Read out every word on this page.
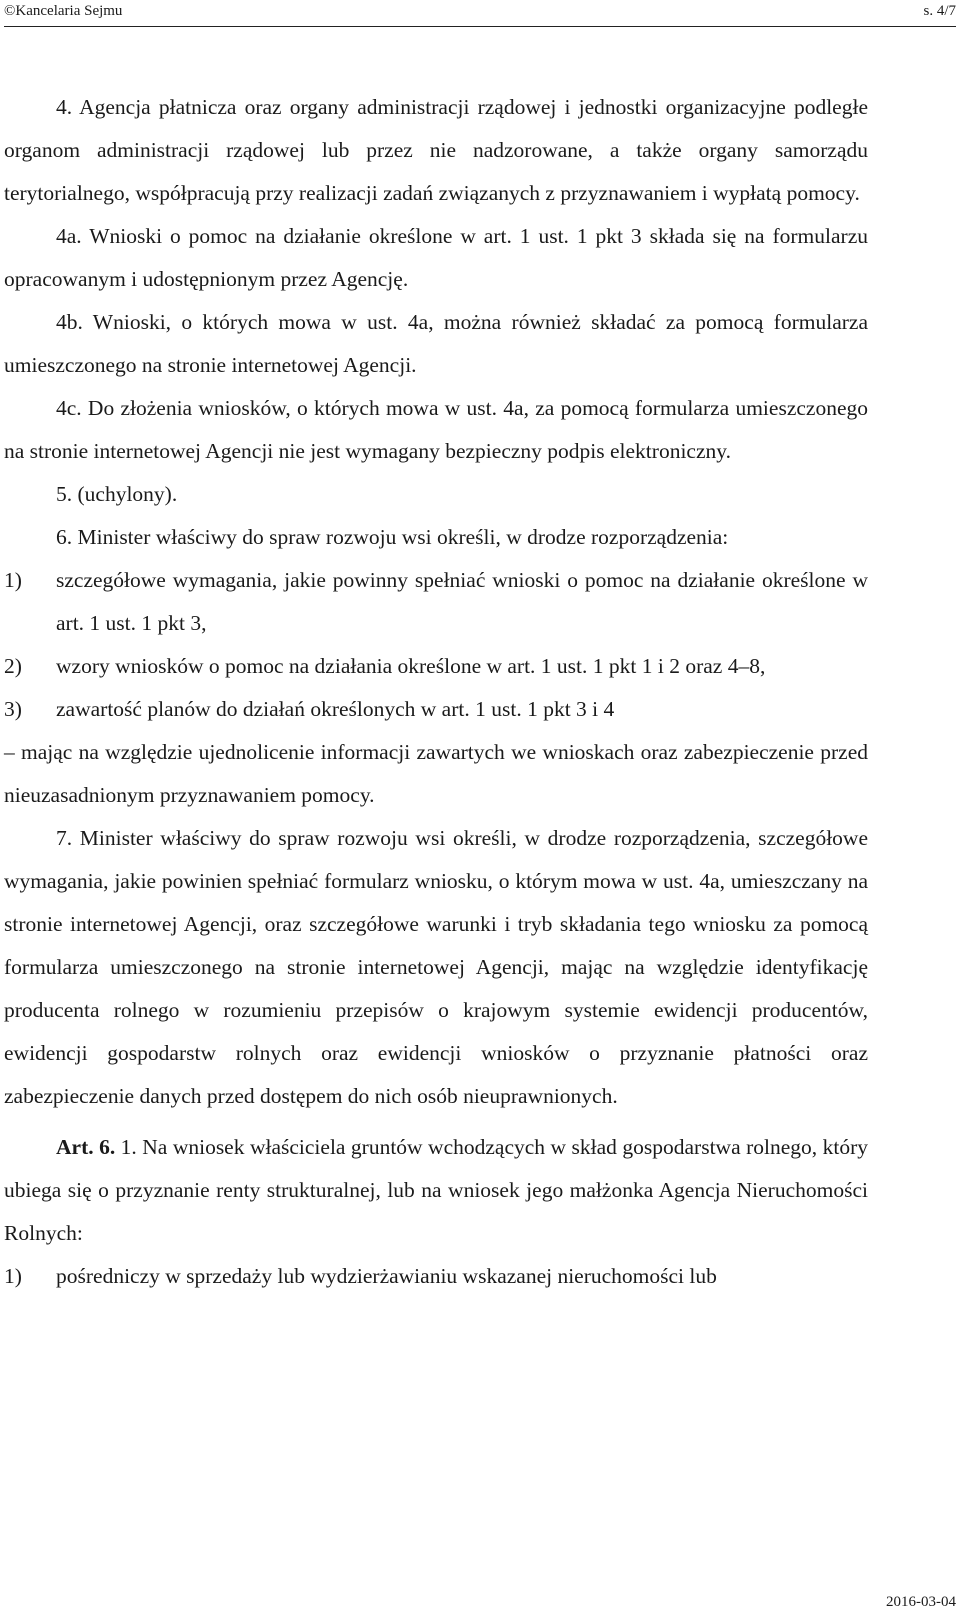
©Kancelaria Sejmu	s. 4/7
4. Agencja płatnicza oraz organy administracji rządowej i jednostki organizacyjne podległe organom administracji rządowej lub przez nie nadzorowane, a także organy samorządu terytorialnego, współpracują przy realizacji zadań związanych z przyznawaniem i wypłatą pomocy.
4a. Wnioski o pomoc na działanie określone w art. 1 ust. 1 pkt 3 składa się na formularzu opracowanym i udostępnionym przez Agencję.
4b. Wnioski, o których mowa w ust. 4a, można również składać za pomocą formularza umieszczonego na stronie internetowej Agencji.
4c. Do złożenia wniosków, o których mowa w ust. 4a, za pomocą formularza umieszczonego na stronie internetowej Agencji nie jest wymagany bezpieczny podpis elektroniczny.
5. (uchylony).
6. Minister właściwy do spraw rozwoju wsi określi, w drodze rozporządzenia:
1)	szczegółowe wymagania, jakie powinny spełniać wnioski o pomoc na działanie określone w art. 1 ust. 1 pkt 3,
2)	wzory wniosków o pomoc na działania określone w art. 1 ust. 1 pkt 1 i 2 oraz 4–8,
3)	zawartość planów do działań określonych w art. 1 ust. 1 pkt 3 i 4
– mając na względzie ujednolicenie informacji zawartych we wnioskach oraz zabezpieczenie przed nieuzasadnionym przyznawaniem pomocy.
7. Minister właściwy do spraw rozwoju wsi określi, w drodze rozporządzenia, szczegółowe wymagania, jakie powinien spełniać formularz wniosku, o którym mowa w ust. 4a, umieszczany na stronie internetowej Agencji, oraz szczegółowe warunki i tryb składania tego wniosku za pomocą formularza umieszczonego na stronie internetowej Agencji, mając na względzie identyfikację producenta rolnego w rozumieniu przepisów o krajowym systemie ewidencji producentów, ewidencji gospodarstw rolnych oraz ewidencji wniosków o przyznanie płatności oraz zabezpieczenie danych przed dostępem do nich osób nieuprawnionych.
Art. 6. 1. Na wniosek właściciela gruntów wchodzących w skład gospodarstwa rolnego, który ubiega się o przyznanie renty strukturalnej, lub na wniosek jego małżonka Agencja Nieruchomości Rolnych:
1)	pośredniczy w sprzedaży lub wydzierżawianiu wskazanej nieruchomości lub
2016-03-04
